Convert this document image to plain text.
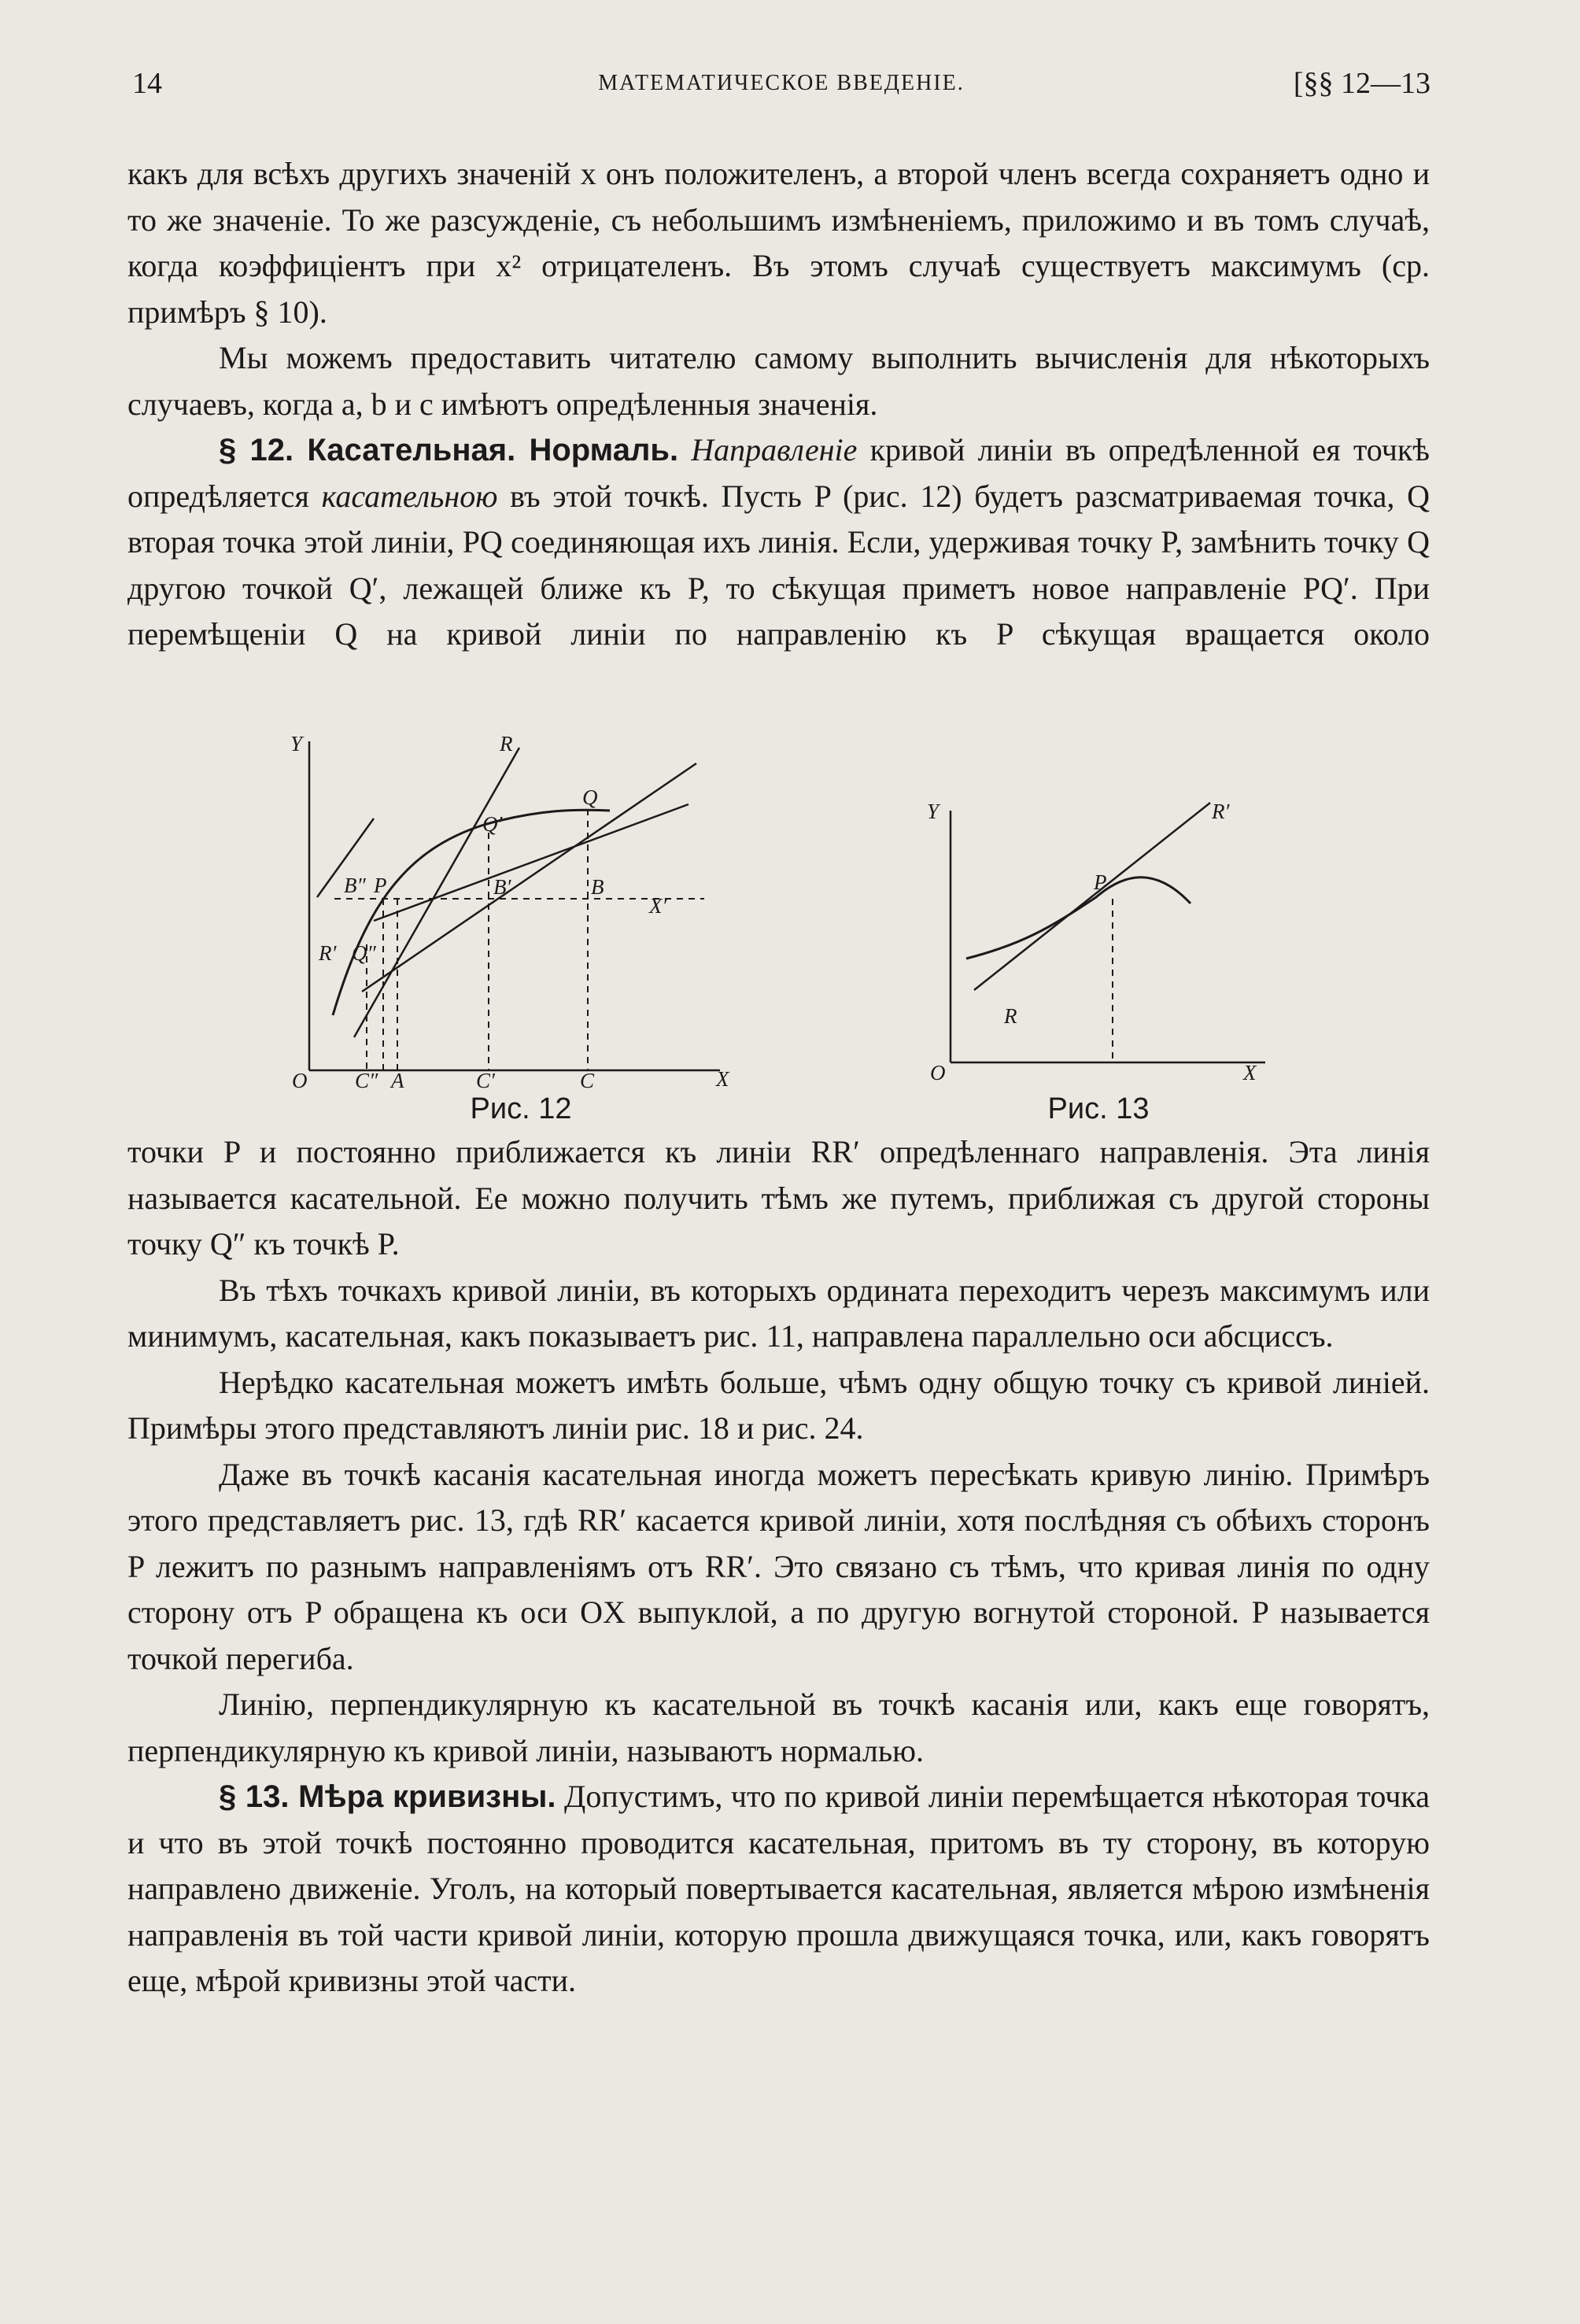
14	МАТЕМАТИЧЕСКОЕ ВВЕДЕНІЕ.	[§§ 12—13

какъ для всѣхъ другихъ значеній x онъ положителенъ, а второй членъ всегда сохраняетъ одно и то же значеніе. То же разсужденіе, съ небольшимъ измѣненіемъ, приложимо и въ томъ случаѣ, когда коэффиціентъ при x² отрицателенъ. Въ этомъ случаѣ существуетъ максимумъ (ср. примѣръ § 10).

Мы можемъ предоставить читателю самому выполнить вычисленія для нѣкоторыхъ случаевъ, когда a, b и c имѣютъ опредѣленныя значенія.

§ 12. Касательная. Нормаль. Направленіе кривой линіи въ опредѣленной ея точкѣ опредѣляется касательною въ этой точкѣ. Пусть P (рис. 12) будетъ разсматриваемая точка, Q вторая точка этой линіи, PQ соединяющая ихъ линія. Если, удерживая точку P, замѣнить точку Q другою точкой Q′, лежащей ближе къ P, то сѣкущая приметъ новое направленіе PQ′. При перемѣщеніи Q на кривой линіи по направленію къ P сѣкущая вращается около

Y
O	X
X′
R
R′
Q
Q′
Q″
P
B″	B′	B
C″ A	C′	C
Рис. 12
Y
O	X
P
R
R′
Рис. 13

точки P и постоянно приближается къ линіи RR′ опредѣленнаго направленія. Эта линія называется касательной. Ее можно получить тѣмъ же путемъ, приближая съ другой стороны точку Q″ къ точкѣ P.

Въ тѣхъ точкахъ кривой линіи, въ которыхъ ордината переходитъ черезъ максимумъ или минимумъ, касательная, какъ показываетъ рис. 11, направлена параллельно оси абсциссъ.

Нерѣдко касательная можетъ имѣть больше, чѣмъ одну общую точку съ кривой линіей. Примѣры этого представляютъ линіи рис. 18 и рис. 24.

Даже въ точкѣ касанія касательная иногда можетъ пересѣкать кривую линію. Примѣръ этого представляетъ рис. 13, гдѣ RR′ касается кривой линіи, хотя послѣдняя съ обѣихъ сторонъ P лежитъ по разнымъ направленіямъ отъ RR′. Это связано съ тѣмъ, что кривая линія по одну сторону отъ P обращена къ оси OX выпуклой, а по другую вогнутой стороной. P называется точкой перегиба.

Линію, перпендикулярную къ касательной въ точкѣ касанія или, какъ еще говорятъ, перпендикулярную къ кривой линіи, называютъ нормалью.

§ 13. Мѣра кривизны. Допустимъ, что по кривой линіи перемѣщается нѣкоторая точка и что въ этой точкѣ постоянно проводится касательная, притомъ въ ту сторону, въ которую направлено движеніе. Уголъ, на который повертывается касательная, является мѣрою измѣненія направленія въ той части кривой линіи, которую прошла движущаяся точка, или, какъ говорятъ еще, мѣрой кривизны этой части.
